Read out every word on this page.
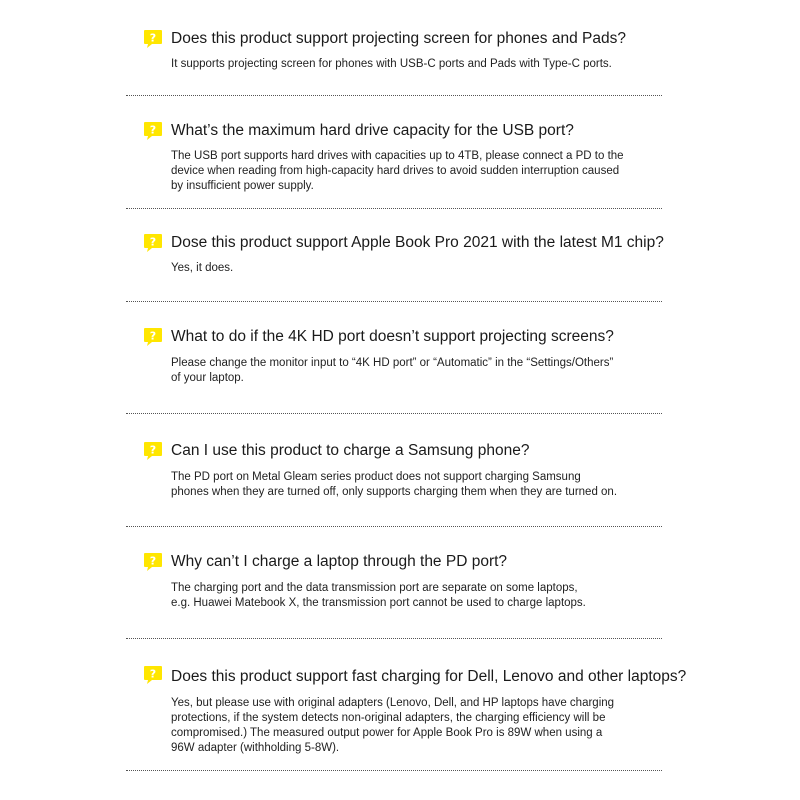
? Does this product support projecting screen for phones and Pads?
It supports projecting screen for phones with USB-C ports and Pads with Type-C ports.
? What’s the maximum hard drive capacity for the USB port?
The USB port supports hard drives with capacities up to 4TB, please connect a PD to the
device when reading from high-capacity hard drives to avoid sudden interruption caused
by insufficient power supply.
? Dose this product support Apple Book Pro 2021 with the latest M1 chip?
Yes, it does.
? What to do if the 4K HD port doesn’t support projecting screens?
Please change the monitor input to “4K HD port” or “Automatic” in the “Settings/Others”
of your laptop.
? Can I use this product to charge a Samsung phone?
The PD port on Metal Gleam series product does not support charging Samsung
phones when they are turned off, only supports charging them when they are turned on.
? Why can’t I charge a laptop through the PD port?
The charging port and the data transmission port are separate on some laptops,
e.g. Huawei Matebook X, the transmission port cannot be used to charge laptops.
? Does this product support fast charging for Dell, Lenovo and other laptops?
Yes, but please use with original adapters (Lenovo, Dell, and HP laptops have charging
protections, if the system detects non-original adapters, the charging efficiency will be
compromised.) The measured output power for Apple Book Pro is 89W when using a
96W adapter (withholding 5-8W).
